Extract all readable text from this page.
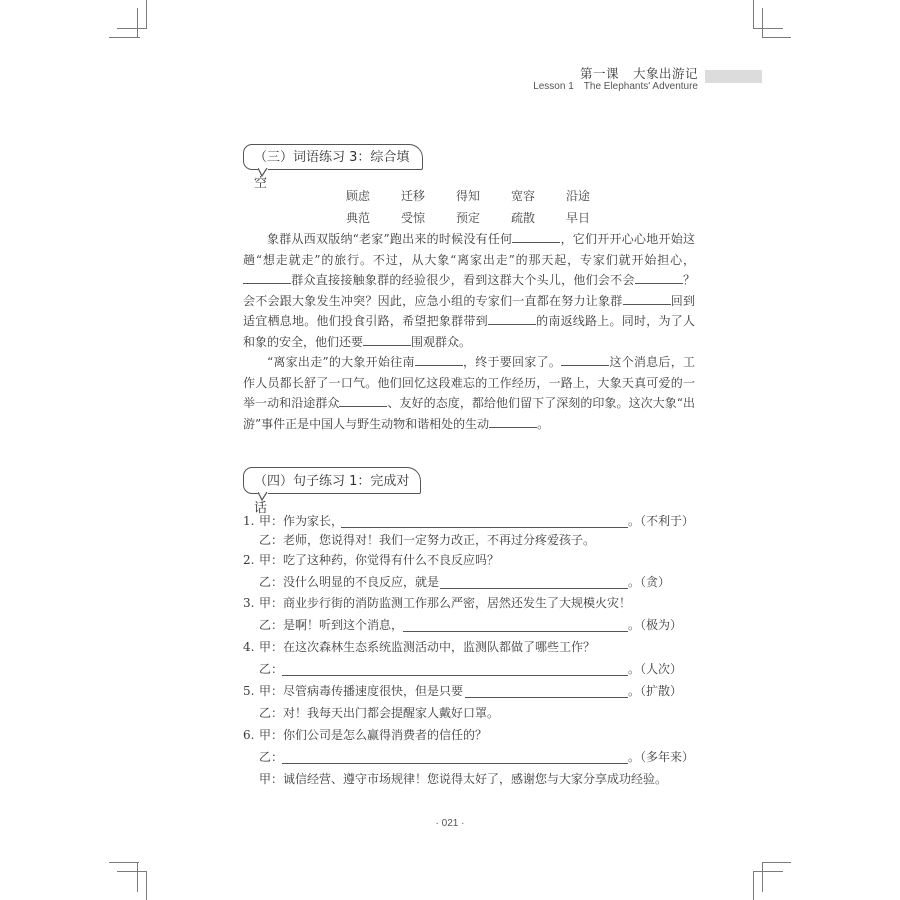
第一课 大象出游记
Lesson 1 The Elephants' Adventure
（三）词语练习 3：综合填空
顾虑	迁移	得知	宽容	沿途
典范	受惊	预定	疏散	早日

象群从西双版纳“老家”跑出来的时候没有任何	，它们开开心心地开始这趟“想走就走”的旅行。不过，从大象“离家出走”的那天起，专家们就开始担心，群众直接接触象群的经验很少，看到这群大个头儿，他们会不会	？会不会跟大象发生冲突？因此，应急小组的专家们一直都在努力让象群	回到适宜栖息地。他们投食引路，希望把象群带到	的南返线路上。同时，为了人和象的安全，他们还要	围观群众。

“离家出走”的大象开始往南	，终于要回家了。	这个消息后，工作人员都长舒了一口气。他们回忆这段难忘的工作经历，一路上，大象天真可爱的一举一动和沿途群众	、友好的态度，都给他们留下了深刻的印象。这次大象“出游”事件正是中国人与野生动物和谐相处的生动	。

（四）句子练习 1：完成对话
1. 甲：作为家长，	。（不利于）
乙：老师，您说得对！我们一定努力改正，不再过分疼爱孩子。
2. 甲：吃了这种药，你觉得有什么不良反应吗？
乙：没什么明显的不良反应，就是	。（贪）
3. 甲：商业步行街的消防监测工作那么严密，居然还发生了大规模火灾！
乙：是啊！听到这个消息，	。（极为）
4. 甲：在这次森林生态系统监测活动中，监测队都做了哪些工作？
乙：	。（人次）
5. 甲：尽管病毒传播速度很快，但是只要	。（扩散）
乙：对！我每天出门都会提醒家人戴好口罩。
6. 甲：你们公司是怎么赢得消费者的信任的？
乙：	。（多年来）
甲：诚信经营、遵守市场规律！您说得太好了，感谢您与大家分享成功经验。
· 021 ·
